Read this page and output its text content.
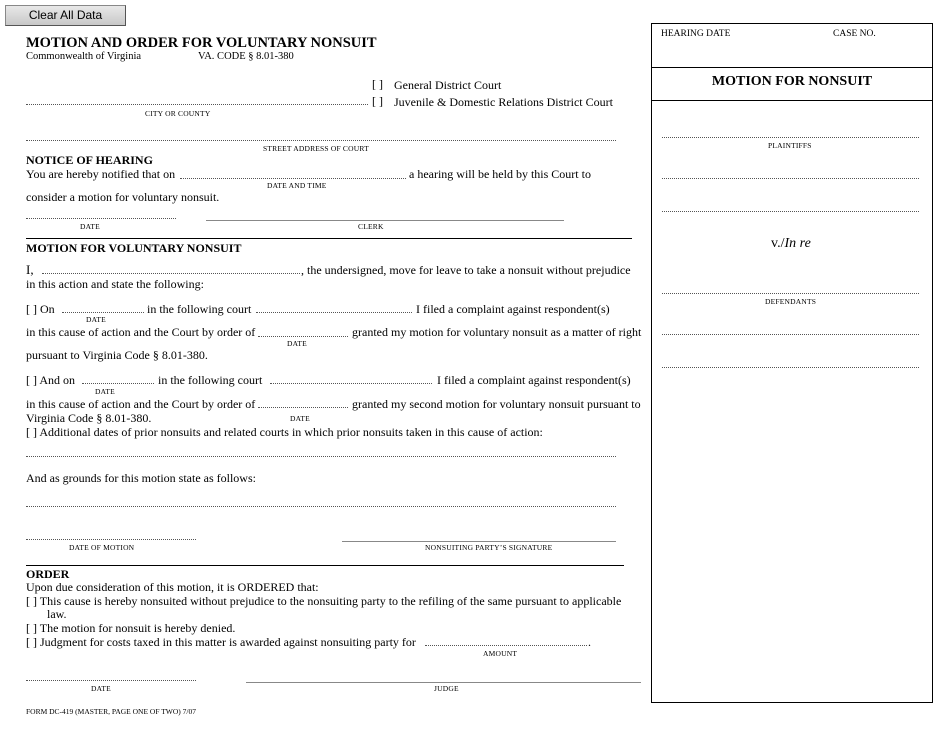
Clear All Data
MOTION AND ORDER FOR VOLUNTARY NONSUIT
Commonwealth of Virginia	VA. CODE § 8.01-380
[ ] General District Court
[ ] Juvenile & Domestic Relations District Court
CITY OR COUNTY
STREET ADDRESS OF COURT
NOTICE OF HEARING
You are hereby notified that on	a hearing will be held by this Court to
DATE AND TIME
consider a motion for voluntary nonsuit.
DATE	CLERK
MOTION FOR VOLUNTARY NONSUIT
I,	, the undersigned, move for leave to take a nonsuit without prejudice
in this action and state the following:
[ ] On	in the following court	I filed a complaint against respondent(s)
DATE
in this cause of action and the Court by order of	granted my motion for voluntary nonsuit as a matter of right
DATE
pursuant to Virginia Code § 8.01-380.
[ ] And on	in the following court	I filed a complaint against respondent(s)
DATE
in this cause of action and the Court by order of	granted my second motion for voluntary nonsuit pursuant to
Virginia Code § 8.01-380.	DATE
[ ] Additional dates of prior nonsuits and related courts in which prior nonsuits taken in this cause of action:
And as grounds for this motion state as follows:
DATE OF MOTION	NONSUITING PARTY’S SIGNATURE
ORDER
Upon due consideration of this motion, it is ORDERED that:
[ ] This cause is hereby nonsuited without prejudice to the nonsuiting party to the refiling of the same pursuant to applicable
law.
[ ] The motion for nonsuit is hereby denied.
[ ] Judgment for costs taxed in this matter is awarded against nonsuiting party for	.
AMOUNT
DATE	JUDGE
FORM DC-419 (MASTER, PAGE ONE OF TWO) 7/07
HEARING DATE	CASE NO.
MOTION FOR NONSUIT
PLAINTIFFS
v./In re
DEFENDANTS
